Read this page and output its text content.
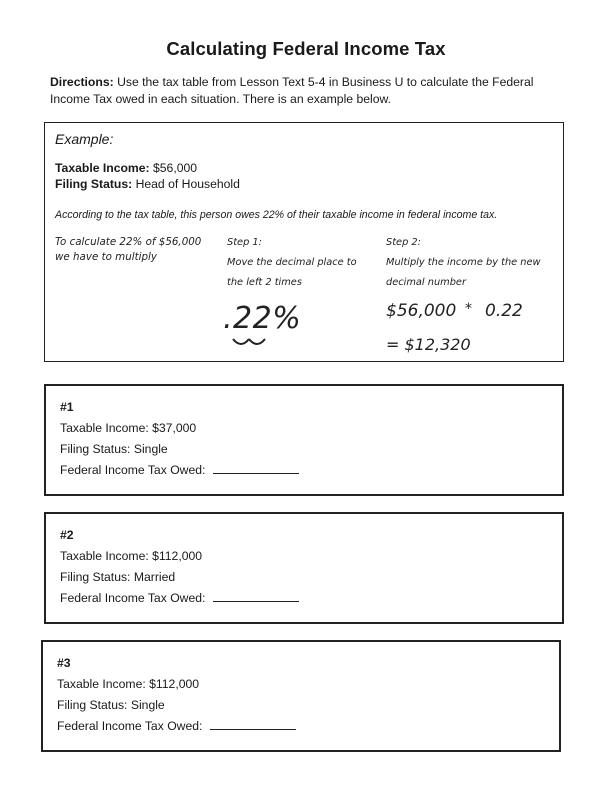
Calculating Federal Income Tax
Directions: Use the tax table from Lesson Text 5-4 in Business U to calculate the Federal Income Tax owed in each situation. There is an example below.
Example:
Taxable Income: $56,000
Filing Status: Head of Household
According to the tax table, this person owes 22% of their taxable income in federal income tax.
To calculate 22% of $56,000 we have to multiply
Step 1:
Move the decimal place to the left 2 times
.22%
Step 2:
Multiply the income by the new decimal number
$56,000 * 0.22
= $12,320
#1
Taxable Income: $37,000
Filing Status: Single
Federal Income Tax Owed:
#2
Taxable Income: $112,000
Filing Status: Married
Federal Income Tax Owed:
#3
Taxable Income: $112,000
Filing Status: Single
Federal Income Tax Owed:
